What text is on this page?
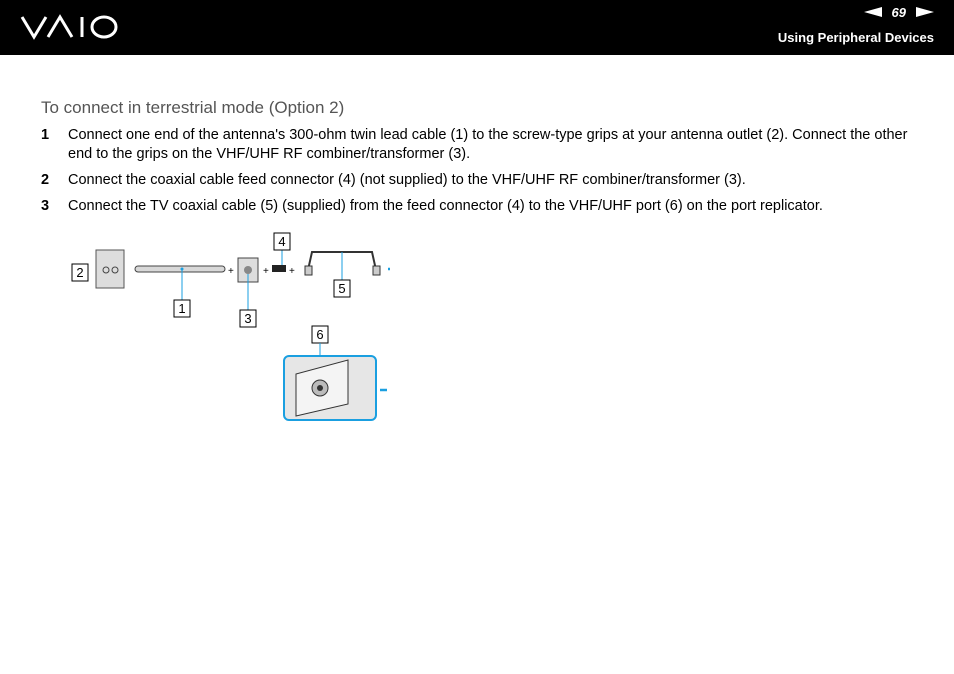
69
Using Peripheral Devices
To connect in terrestrial mode (Option 2)
1	Connect one end of the antenna's 300-ohm twin lead cable (1) to the screw-type grips at your antenna outlet (2). Connect the other end to the grips on the VHF/UHF RF combiner/transformer (3).
2	Connect the coaxial cable feed connector (4) (not supplied) to the VHF/UHF RF combiner/transformer (3).
3	Connect the TV coaxial cable (5) (supplied) from the feed connector (4) to the VHF/UHF port (6) on the port replicator.
2
1
+
3
+ +
4
5
6
